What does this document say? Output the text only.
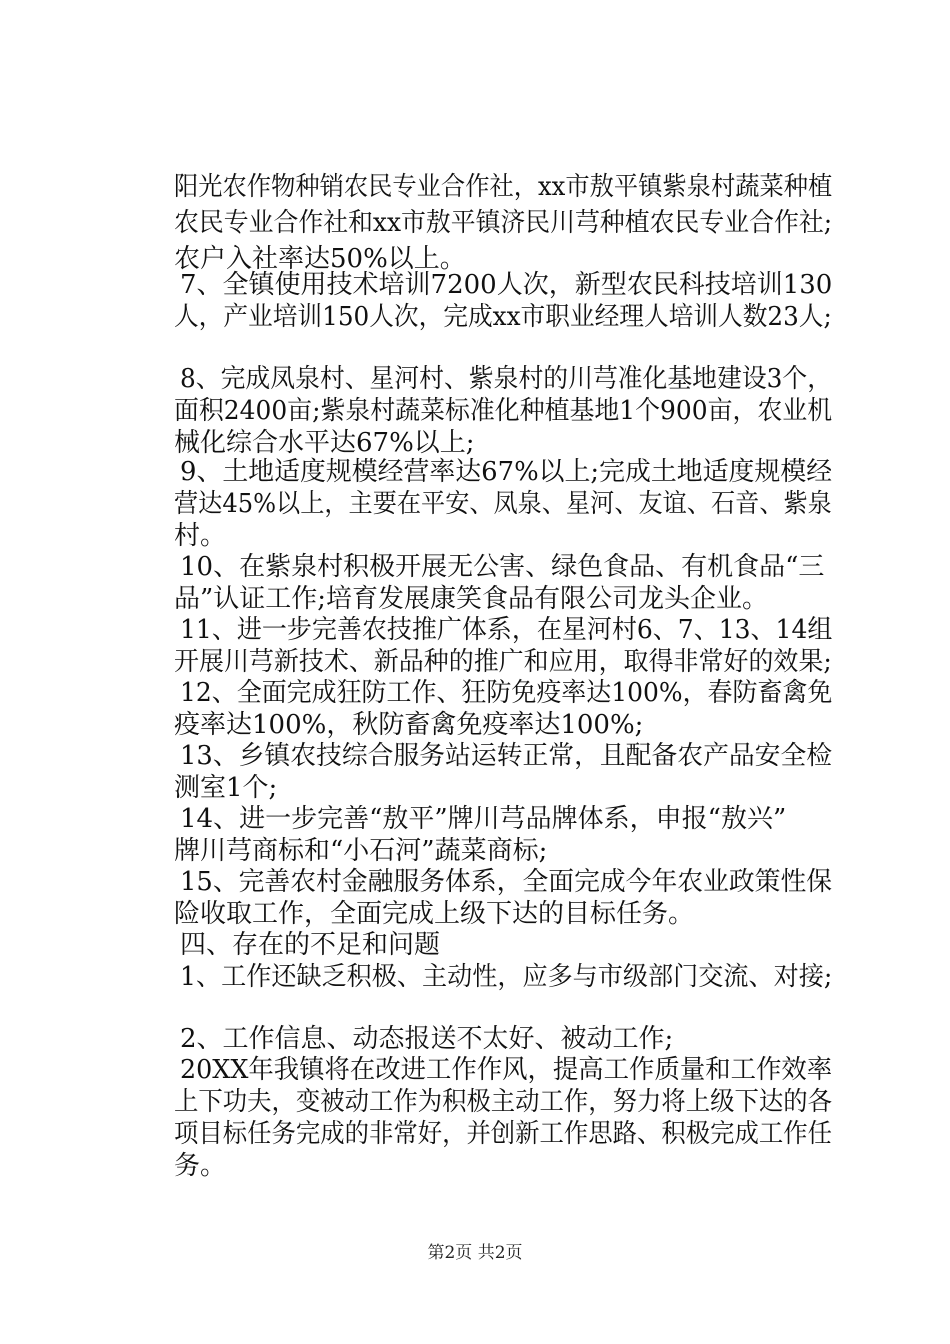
阳光农作物种销农民专业合作社，xx市敖平镇紫泉村蔬菜种植
农民专业合作社和xx市敖平镇济民川芎种植农民专业合作社;
农户入社率达50%以上。
7、全镇使用技术培训7200人次，新型农民科技培训130
人，产业培训150人次，完成xx市职业经理人培训人数23人;
8、完成凤泉村、星河村、紫泉村的川芎准化基地建设3个，
面积2400亩;紫泉村蔬菜标准化种植基地1个900亩，农业机
械化综合水平达67%以上;
9、土地适度规模经营率达67%以上;完成土地适度规模经
营达45%以上，主要在平安、凤泉、星河、友谊、石音、紫泉
村。
10、在紫泉村积极开展无公害、绿色食品、有机食品“三
品”认证工作;培育发展康笑食品有限公司龙头企业。
11、进一步完善农技推广体系，在星河村6、7、13、14组
开展川芎新技术、新品种的推广和应用，取得非常好的效果;
12、全面完成狂防工作、狂防免疫率达100%，春防畜禽免
疫率达100%，秋防畜禽免疫率达100%;
13、乡镇农技综合服务站运转正常，且配备农产品安全检
测室1个;
14、进一步完善“敖平”牌川芎品牌体系，申报“敖兴”
牌川芎商标和“小石河”蔬菜商标;
15、完善农村金融服务体系，全面完成今年农业政策性保
险收取工作，全面完成上级下达的目标任务。
四、存在的不足和问题
1、工作还缺乏积极、主动性，应多与市级部门交流、对接;
2、工作信息、动态报送不太好、被动工作;
20XX年我镇将在改进工作作风，提高工作质量和工作效率
上下功夫，变被动工作为积极主动工作，努力将上级下达的各
项目标任务完成的非常好，并创新工作思路、积极完成工作任
务。
第2页 共2页
